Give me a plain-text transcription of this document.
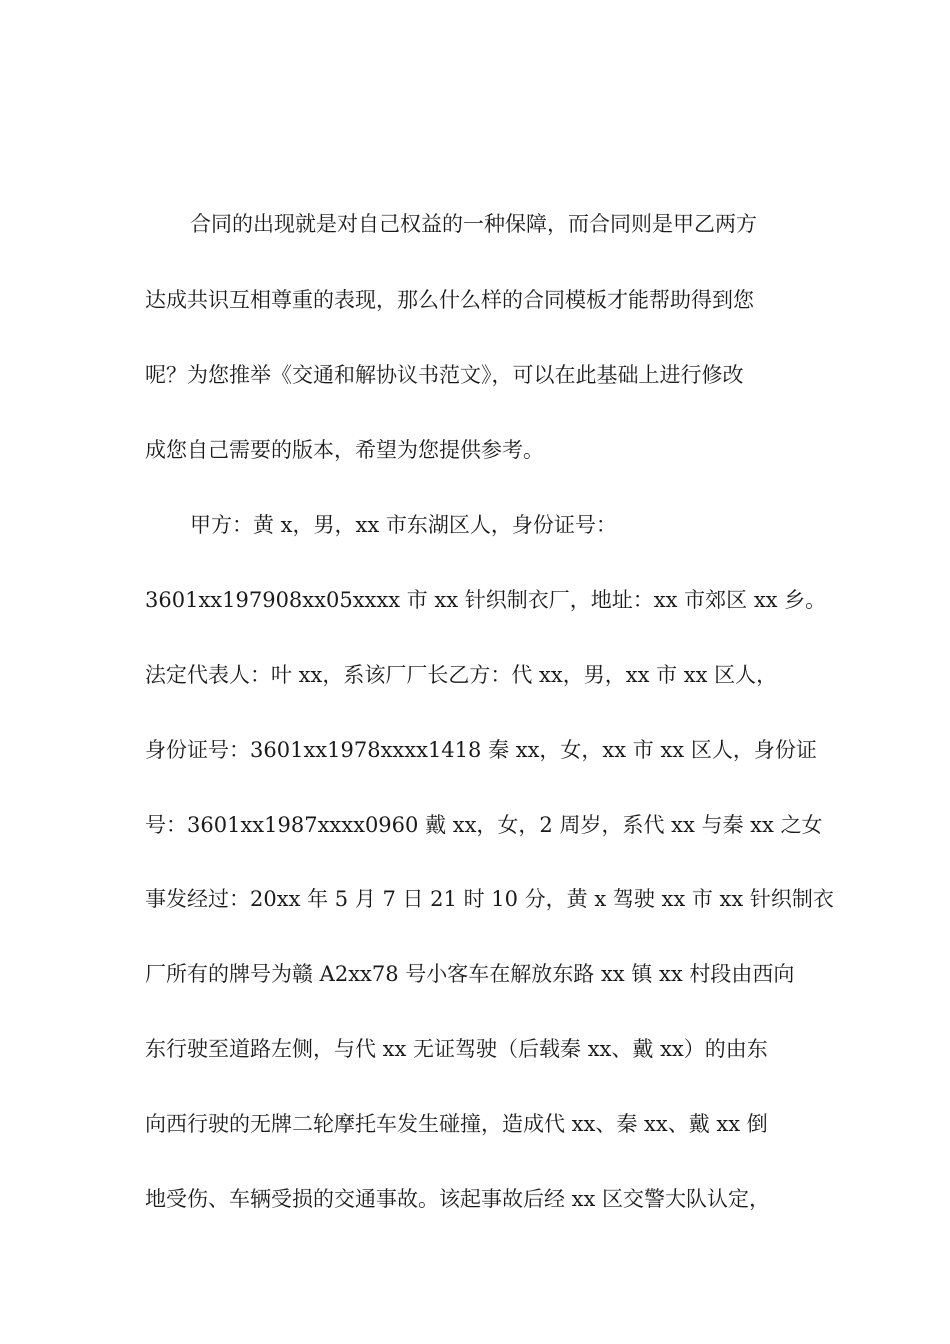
合同的出现就是对自己权益的一种保障，而合同则是甲乙两方

达成共识互相尊重的表现，那么什么样的合同模板才能帮助得到您

呢？为您推举《交通和解协议书范文》，可以在此基础上进行修改

成您自己需要的版本，希望为您提供参考。

甲方：黄 x，男，xx 市东湖区人，身份证号：

3601xx197908xx05xxxx 市 xx 针织制衣厂，地址：xx 市郊区 xx 乡。

法定代表人：叶 xx，系该厂厂长乙方：代 xx，男，xx 市 xx 区人，

身份证号：3601xx1978xxxx1418 秦 xx，女，xx 市 xx 区人，身份证

号：3601xx1987xxxx0960 戴 xx，女，2 周岁，系代 xx 与秦 xx 之女

事发经过：20xx 年 5 月 7 日 21 时 10 分，黄 x 驾驶 xx 市 xx 针织制衣

厂所有的牌号为赣 A2xx78 号小客车在解放东路 xx 镇 xx 村段由西向

东行驶至道路左侧，与代 xx 无证驾驶（后载秦 xx、戴 xx）的由东

向西行驶的无牌二轮摩托车发生碰撞，造成代 xx、秦 xx、戴 xx 倒

地受伤、车辆受损的交通事故。该起事故后经 xx 区交警大队认定，
